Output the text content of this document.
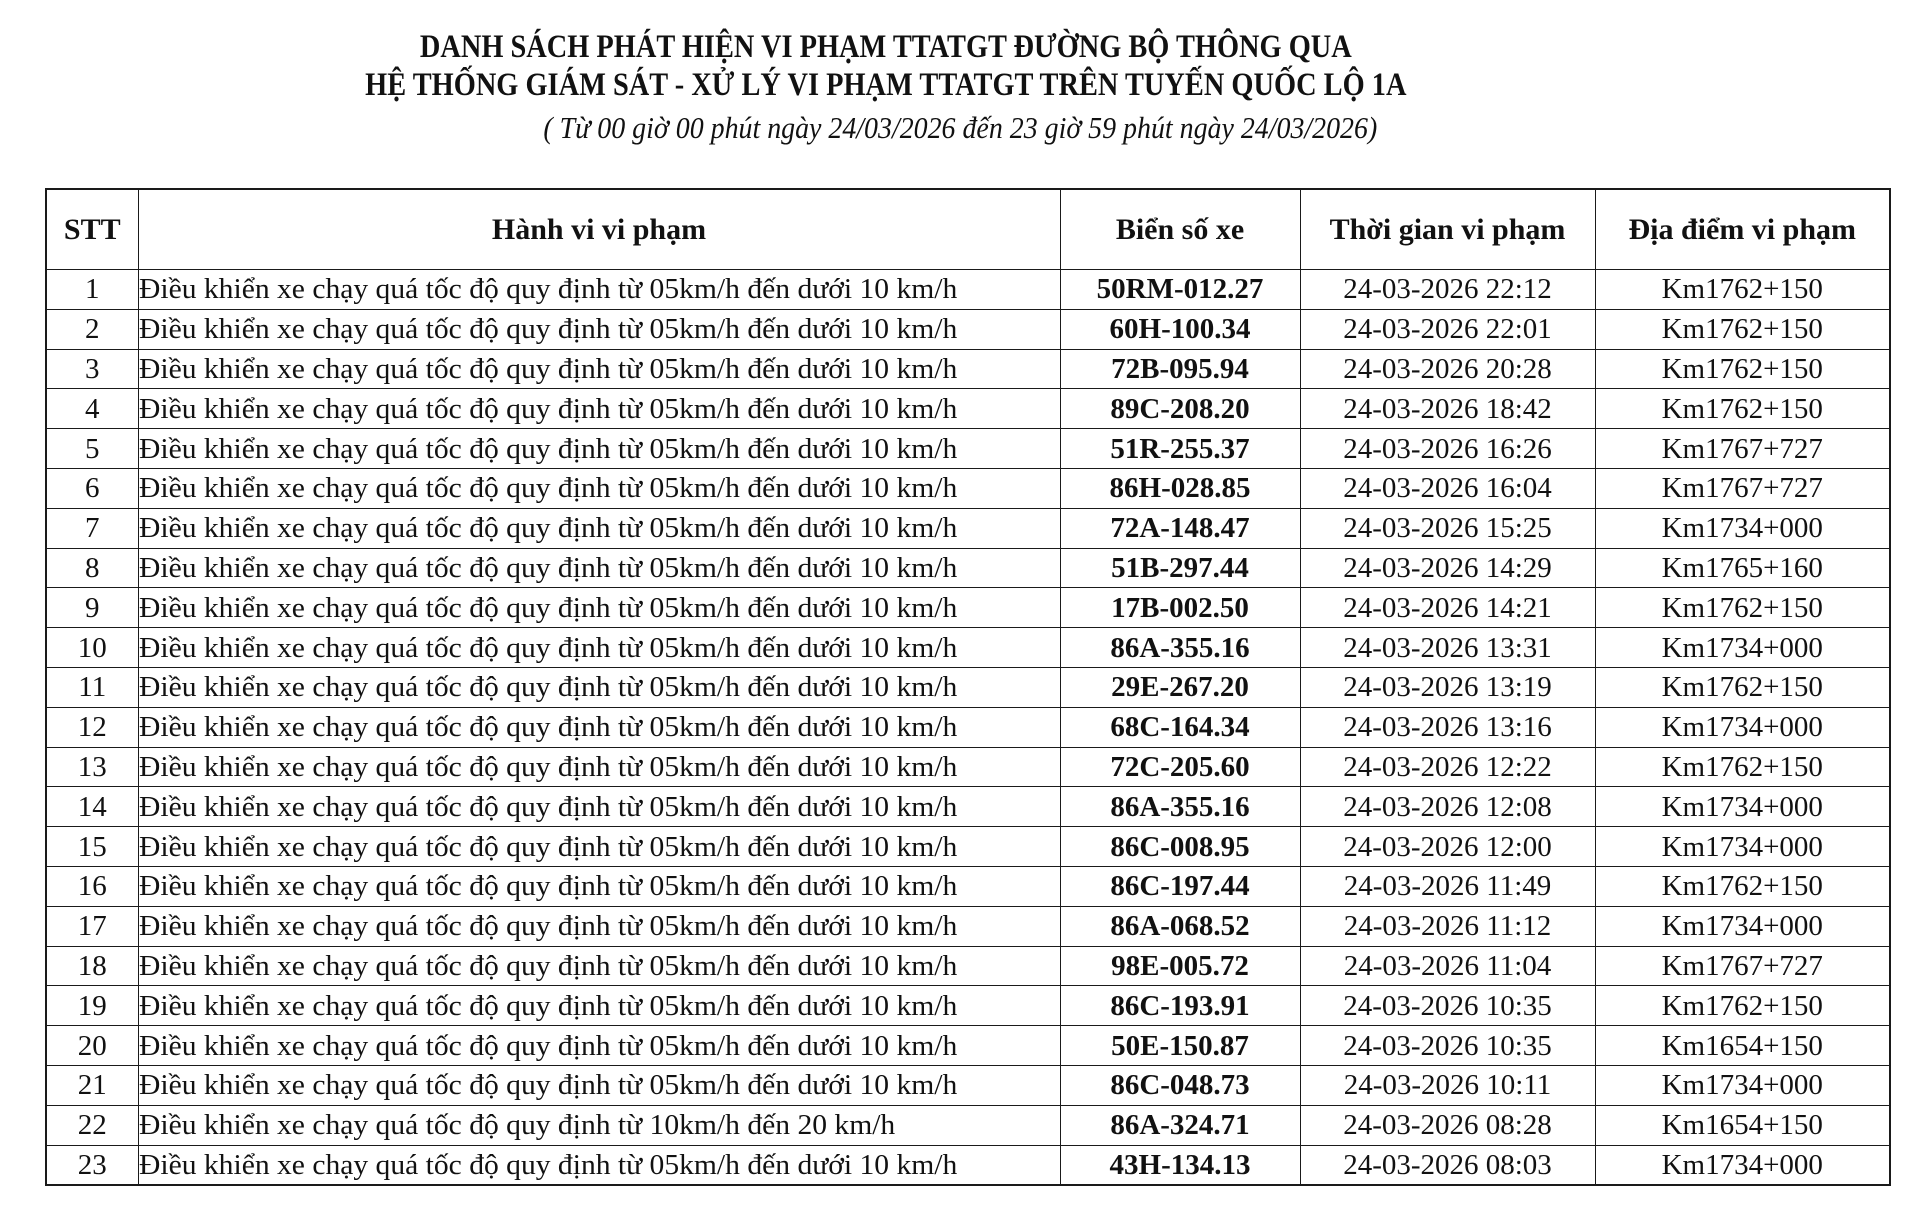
DANH SÁCH PHÁT HIỆN VI PHẠM TTATGT ĐƯỜNG BỘ THÔNG QUA
HỆ THỐNG GIÁM SÁT - XỬ LÝ VI PHẠM TTATGT TRÊN TUYẾN QUỐC LỘ 1A
( Từ 00 giờ 00 phút ngày 24/03/2026 đến 23 giờ 59 phút ngày 24/03/2026)
STT	Hành vi vi phạm	Biển số xe	Thời gian vi phạm	Địa điểm vi phạm
1	Điều khiển xe chạy quá tốc độ quy định từ 05km/h đến dưới 10 km/h	50RM-012.27	24-03-2026 22:12	Km1762+150
2	Điều khiển xe chạy quá tốc độ quy định từ 05km/h đến dưới 10 km/h	60H-100.34	24-03-2026 22:01	Km1762+150
3	Điều khiển xe chạy quá tốc độ quy định từ 05km/h đến dưới 10 km/h	72B-095.94	24-03-2026 20:28	Km1762+150
4	Điều khiển xe chạy quá tốc độ quy định từ 05km/h đến dưới 10 km/h	89C-208.20	24-03-2026 18:42	Km1762+150
5	Điều khiển xe chạy quá tốc độ quy định từ 05km/h đến dưới 10 km/h	51R-255.37	24-03-2026 16:26	Km1767+727
6	Điều khiển xe chạy quá tốc độ quy định từ 05km/h đến dưới 10 km/h	86H-028.85	24-03-2026 16:04	Km1767+727
7	Điều khiển xe chạy quá tốc độ quy định từ 05km/h đến dưới 10 km/h	72A-148.47	24-03-2026 15:25	Km1734+000
8	Điều khiển xe chạy quá tốc độ quy định từ 05km/h đến dưới 10 km/h	51B-297.44	24-03-2026 14:29	Km1765+160
9	Điều khiển xe chạy quá tốc độ quy định từ 05km/h đến dưới 10 km/h	17B-002.50	24-03-2026 14:21	Km1762+150
10	Điều khiển xe chạy quá tốc độ quy định từ 05km/h đến dưới 10 km/h	86A-355.16	24-03-2026 13:31	Km1734+000
11	Điều khiển xe chạy quá tốc độ quy định từ 05km/h đến dưới 10 km/h	29E-267.20	24-03-2026 13:19	Km1762+150
12	Điều khiển xe chạy quá tốc độ quy định từ 05km/h đến dưới 10 km/h	68C-164.34	24-03-2026 13:16	Km1734+000
13	Điều khiển xe chạy quá tốc độ quy định từ 05km/h đến dưới 10 km/h	72C-205.60	24-03-2026 12:22	Km1762+150
14	Điều khiển xe chạy quá tốc độ quy định từ 05km/h đến dưới 10 km/h	86A-355.16	24-03-2026 12:08	Km1734+000
15	Điều khiển xe chạy quá tốc độ quy định từ 05km/h đến dưới 10 km/h	86C-008.95	24-03-2026 12:00	Km1734+000
16	Điều khiển xe chạy quá tốc độ quy định từ 05km/h đến dưới 10 km/h	86C-197.44	24-03-2026 11:49	Km1762+150
17	Điều khiển xe chạy quá tốc độ quy định từ 05km/h đến dưới 10 km/h	86A-068.52	24-03-2026 11:12	Km1734+000
18	Điều khiển xe chạy quá tốc độ quy định từ 05km/h đến dưới 10 km/h	98E-005.72	24-03-2026 11:04	Km1767+727
19	Điều khiển xe chạy quá tốc độ quy định từ 05km/h đến dưới 10 km/h	86C-193.91	24-03-2026 10:35	Km1762+150
20	Điều khiển xe chạy quá tốc độ quy định từ 05km/h đến dưới 10 km/h	50E-150.87	24-03-2026 10:35	Km1654+150
21	Điều khiển xe chạy quá tốc độ quy định từ 05km/h đến dưới 10 km/h	86C-048.73	24-03-2026 10:11	Km1734+000
22	Điều khiển xe chạy quá tốc độ quy định từ 10km/h đến 20 km/h	86A-324.71	24-03-2026 08:28	Km1654+150
23	Điều khiển xe chạy quá tốc độ quy định từ 05km/h đến dưới 10 km/h	43H-134.13	24-03-2026 08:03	Km1734+000
